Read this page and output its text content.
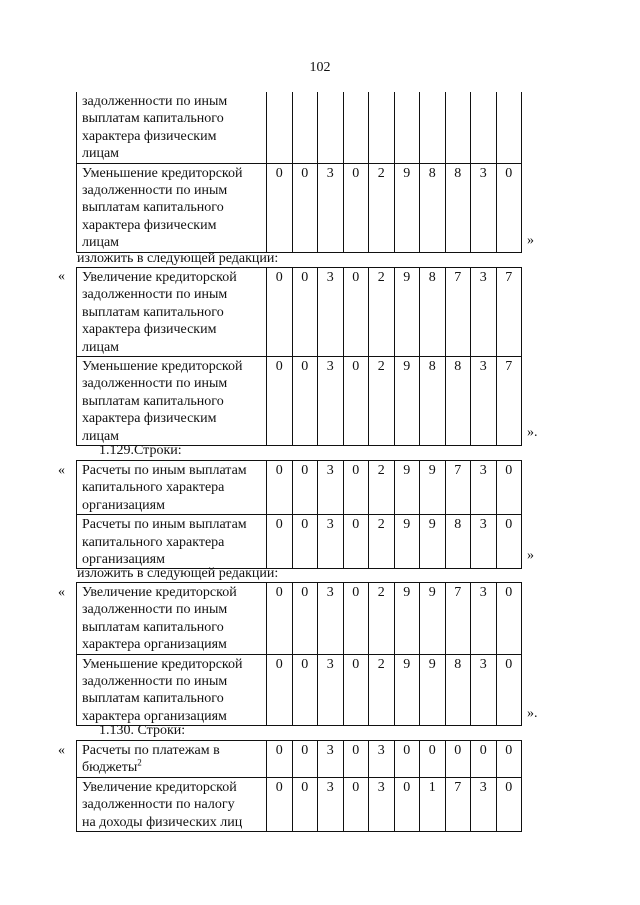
102
задолженности по иным
выплатам капитального
характера физическим
лицам										

Уменьшение кредиторской
задолженности по иным
выплатам капитального
характера физическим
лицам	0	0	3	0	2	9	8	8	3	0
»
изложить в следующей редакции:
« Увеличение кредиторской
задолженности по иным
выплатам капитального
характера физическим
лицам	0	0	3	0	2	9	8	7	3	7

Уменьшение кредиторской
задолженности по иным
выплатам капитального
характера физическим
лицам	0	0	3	0	2	9	8	8	3	7
».
1.129.Строки:
« Расчеты по иным выплатам
капитального характера
организациям	0	0	3	0	2	9	9	7	3	0

Расчеты по иным выплатам
капитального характера
организациям	0	0	3	0	2	9	9	8	3	0
»
изложить в следующей редакции:
« Увеличение кредиторской
задолженности по иным
выплатам капитального
характера организациям	0	0	3	0	2	9	9	7	3	0

Уменьшение кредиторской
задолженности по иным
выплатам капитального
характера организациям	0	0	3	0	2	9	9	8	3	0
».
1.130. Строки:
« Расчеты по платежам в
бюджеты$^2$	0	0	3	0	3	0	0	0	0	0

Увеличение кредиторской
задолженности по налогу
на доходы физических лиц	0	0	3	0	3	0	1	7	3	0
